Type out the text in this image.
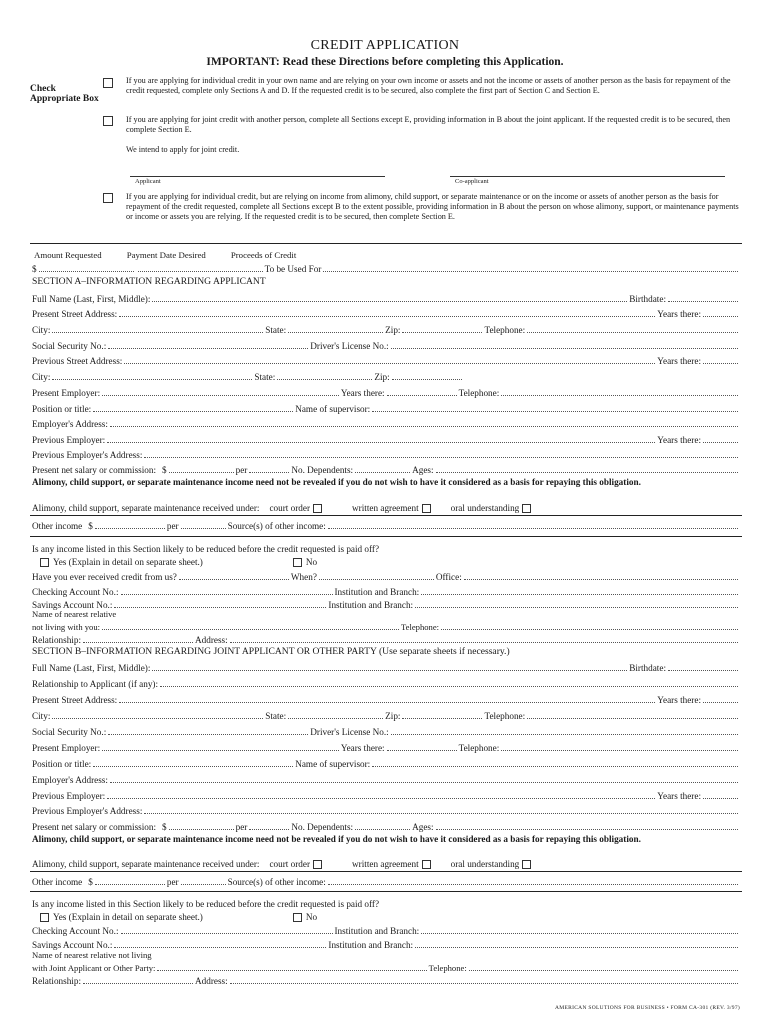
CREDIT APPLICATION
IMPORTANT: Read these Directions before completing this Application.
Check Appropriate Box
If you are applying for individual credit in your own name and are relying on your own income or assets and not the income or assets of another person as the basis for repayment of the credit requested, complete only Sections A and D. If the requested credit is to be secured, also complete the first part of Section C and Section E.
If you are applying for joint credit with another person, complete all Sections except E, providing information in B about the joint applicant. If the requested credit is to be secured, then complete Section E.
We intend to apply for joint credit.
Applicant	Co-applicant
If you are applying for individual credit, but are relying on income from alimony, child support, or separate maintenance or on the income or assets of another person as the basis for repayment of the credit requested, complete all Sections except B to the extent possible, providing information in B about the person on whose alimony, support, or maintenance payments or income or assets you are relying. If the requested credit is to be secured, then complete Section E.
Amount Requested	Payment Date Desired	Proceeds of Credit
$	To be Used For
SECTION A–INFORMATION REGARDING APPLICANT
Full Name (Last, First, Middle):	Birthdate:
Present Street Address:	Years there:
City:	State:	Zip:	Telephone:
Social Security No.:	Driver's License No.:
Previous Street Address:	Years there:
City:	State:	Zip:
Present Employer:	Years there:	Telephone:
Position or title:	Name of supervisor:
Employer's Address:
Previous Employer:	Years there:
Previous Employer's Address:
Present net salary or commission: $	per	No. Dependents:	Ages:
Alimony, child support, or separate maintenance income need not be revealed if you do not wish to have it considered as a basis for repaying this obligation.
Alimony, child support, separate maintenance received under: court order	written agreement	oral understanding
Other income $	per	Source(s) of other income:
Is any income listed in this Section likely to be reduced before the credit requested is paid off?
Yes (Explain in detail on separate sheet.)	No
Have you ever received credit from us?	When?	Office:
Checking Account No.:	Institution and Branch:
Savings Account No.:	Institution and Branch:
Name of nearest relative
not living with you:	Telephone:
Relationship:	Address:
SECTION B–INFORMATION REGARDING JOINT APPLICANT OR OTHER PARTY (Use separate sheets if necessary.)
Full Name (Last, First, Middle):	Birthdate:
Relationship to Applicant (if any):
Present Street Address:	Years there:
City:	State:	Zip:	Telephone:
Social Security No.:	Driver's License No.:
Present Employer:	Years there:	Telephone:
Position or title:	Name of supervisor:
Employer's Address:
Previous Employer:	Years there:
Previous Employer's Address:
Present net salary or commission: $	per	No. Dependents:	Ages:
Alimony, child support, or separate maintenance income need not be revealed if you do not wish to have it considered as a basis for repaying this obligation.
Alimony, child support, separate maintenance received under: court order	written agreement	oral understanding
Other income $	per	Source(s) of other income:
Is any income listed in this Section likely to be reduced before the credit requested is paid off?
Yes (Explain in detail on separate sheet.)	No
Checking Account No.:	Institution and Branch:
Savings Account No.:	Institution and Branch:
Name of nearest relative not living
with Joint Applicant or Other Party:	Telephone:
Relationship:	Address:
AMERICAN SOLUTIONS FOR BUSINESS • FORM CA-301 (REV. 3/97)
